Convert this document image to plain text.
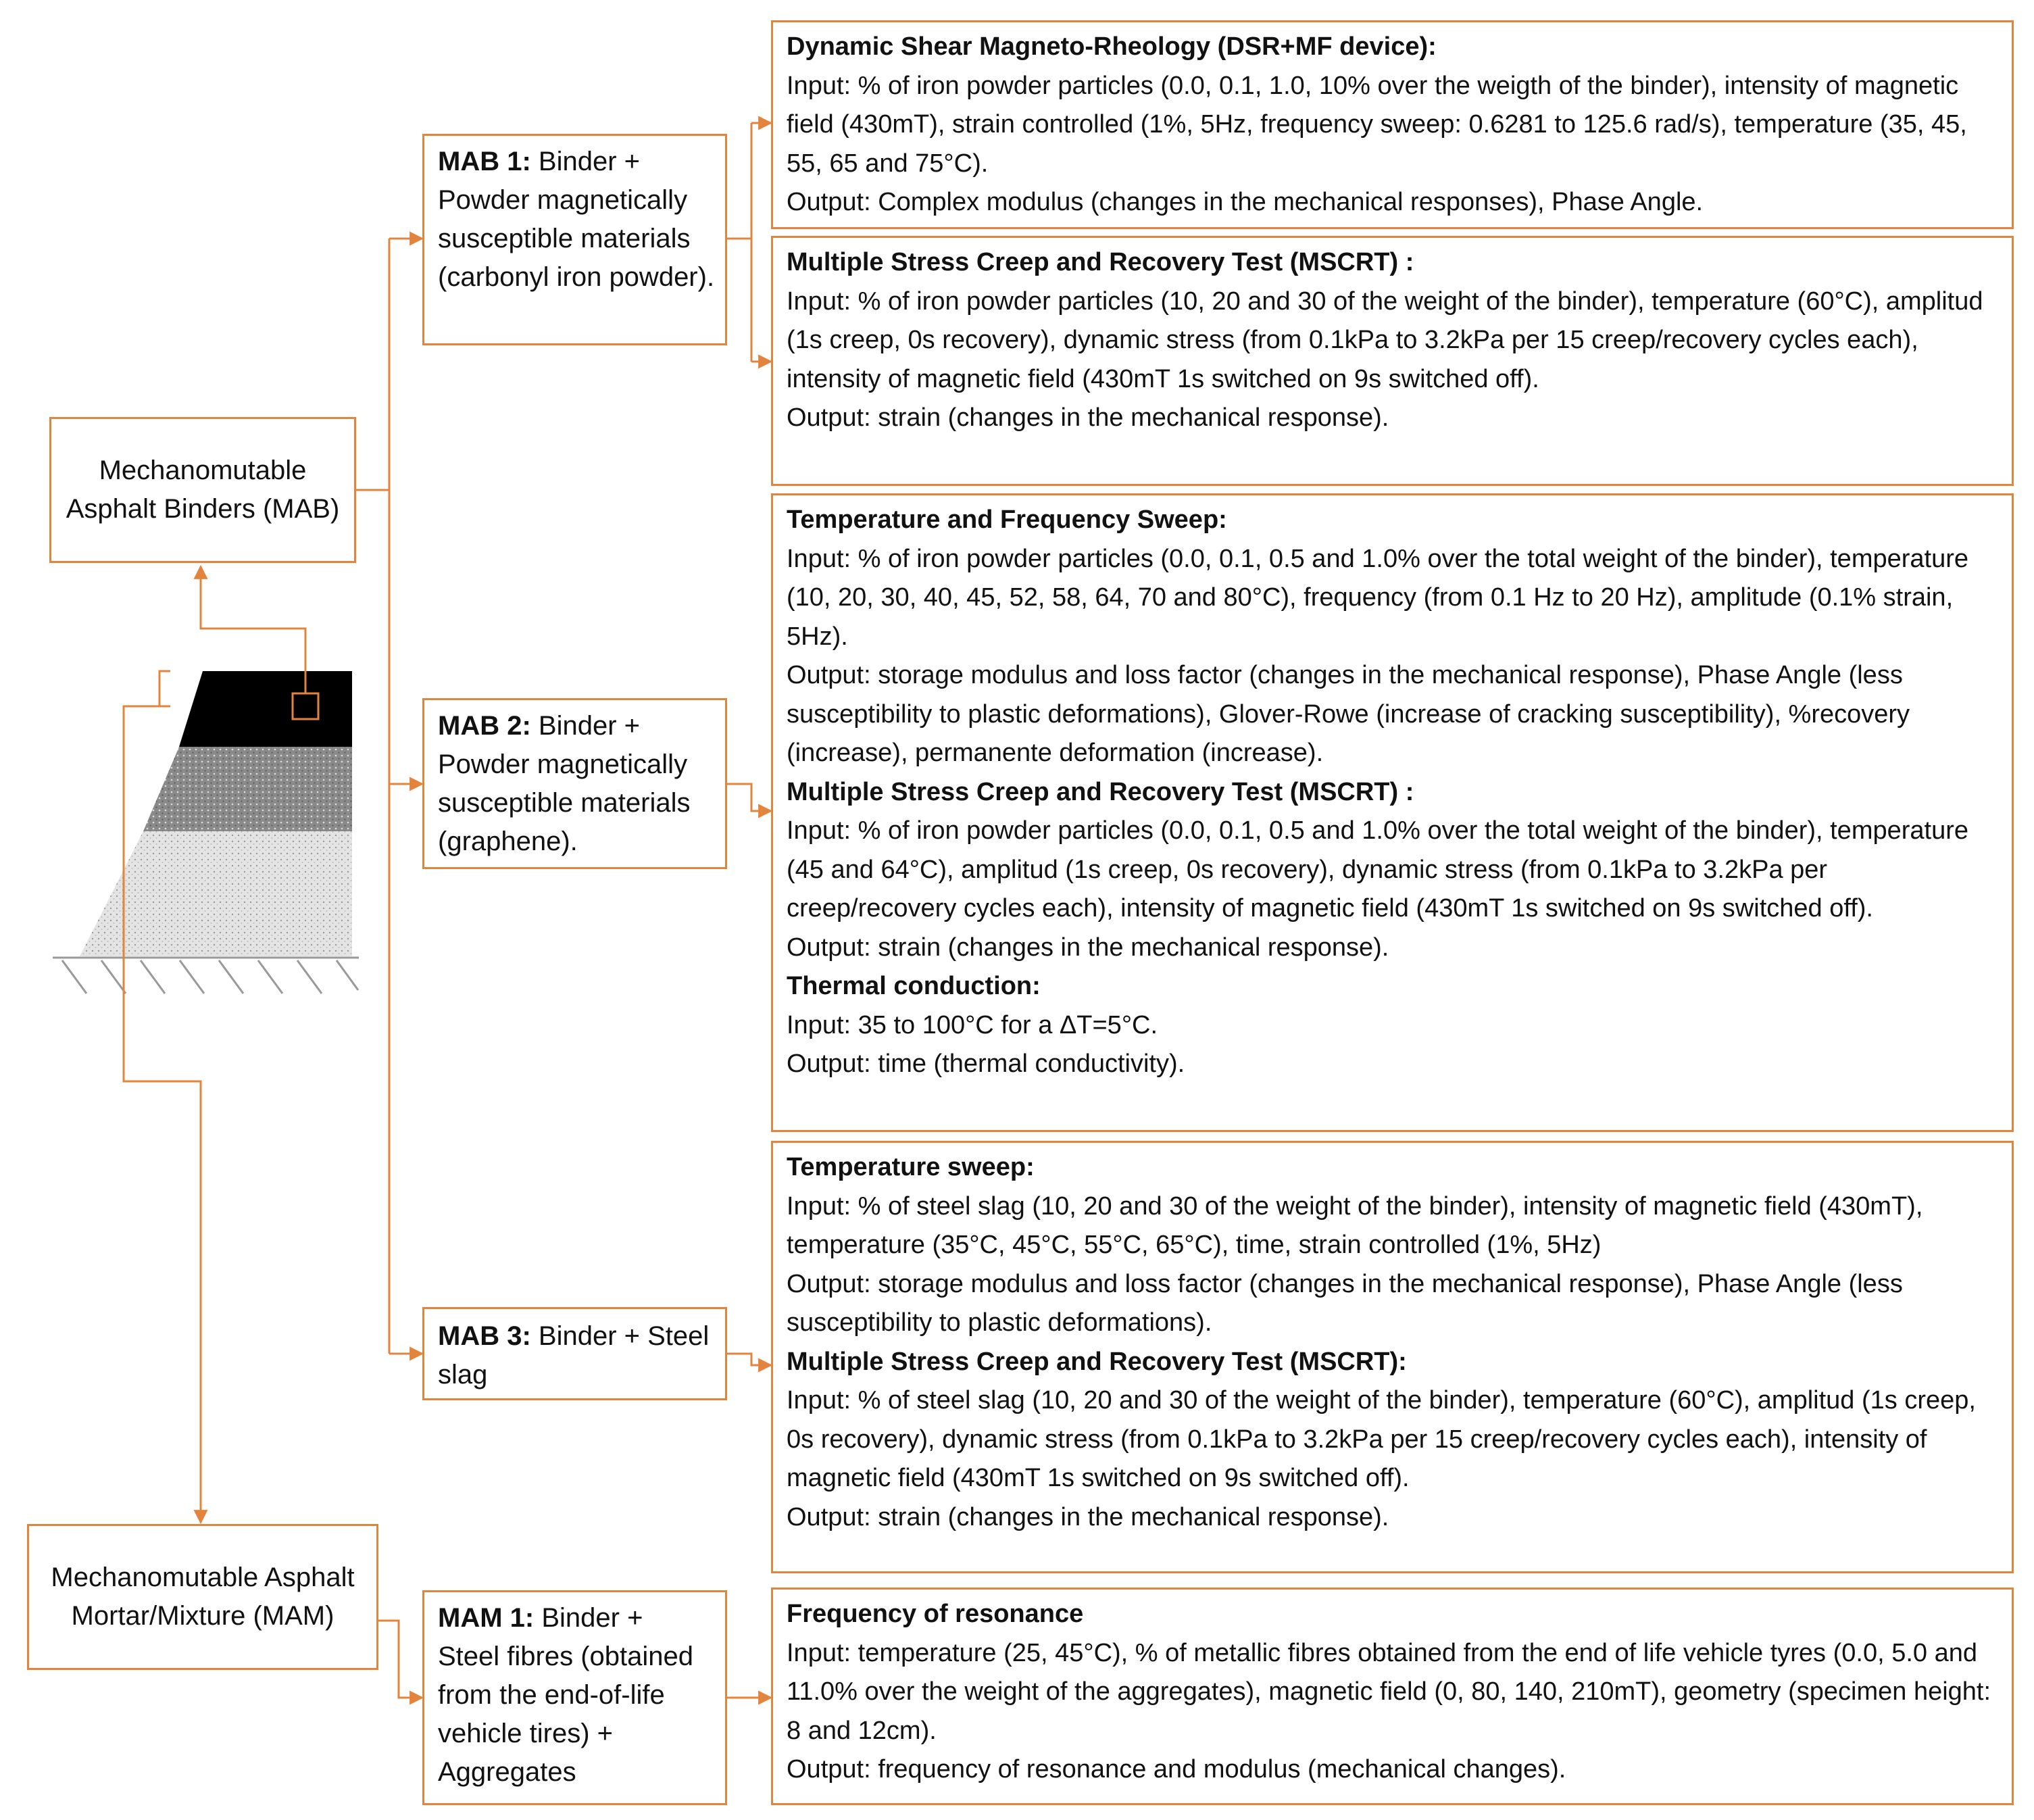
Mechanomutable Asphalt Binders (MAB)
Mechanomutable Asphalt Mortar/Mixture (MAM)
MAB 1: Binder + Powder magnetically susceptible materials (carbonyl iron powder).
MAB 2: Binder + Powder magnetically susceptible materials (graphene).
MAB 3: Binder + Steel slag
MAM 1: Binder + Steel fibres (obtained from the end-of-life vehicle tires) + Aggregates
Dynamic Shear Magneto-Rheology (DSR+MF device):
Input: % of iron powder particles (0.0, 0.1, 1.0, 10% over the weigth of the binder), intensity of magnetic field (430mT), strain controlled (1%, 5Hz, frequency sweep: 0.6281 to 125.6 rad/s), temperature (35, 45, 55, 65 and 75°C).
Output: Complex modulus (changes in the mechanical responses), Phase Angle.
Multiple Stress Creep and Recovery Test (MSCRT) :
Input: % of iron powder particles (10, 20 and 30 of the weight of the binder), temperature (60°C), amplitud (1s creep, 0s recovery), dynamic stress (from 0.1kPa to 3.2kPa per 15 creep/recovery cycles each), intensity of magnetic field (430mT 1s switched on 9s switched off).
Output: strain (changes in the mechanical response).
Temperature and Frequency Sweep:
Input: % of iron powder particles (0.0, 0.1, 0.5 and 1.0% over the total weight of the binder), temperature (10, 20, 30, 40, 45, 52, 58, 64, 70 and 80°C), frequency (from 0.1 Hz to 20 Hz), amplitude (0.1% strain, 5Hz).
Output: storage modulus and loss factor (changes in the mechanical response), Phase Angle (less susceptibility to plastic deformations), Glover-Rowe (increase of cracking susceptibility), %recovery (increase), permanente deformation (increase).
Multiple Stress Creep and Recovery Test (MSCRT) :
Input: % of iron powder particles (0.0, 0.1, 0.5 and 1.0% over the total weight of the binder), temperature (45 and 64°C), amplitud (1s creep, 0s recovery), dynamic stress (from 0.1kPa to 3.2kPa per creep/recovery cycles each), intensity of magnetic field (430mT 1s switched on 9s switched off).
Output: strain (changes in the mechanical response).
Thermal conduction:
Input: 35 to 100°C for a ΔT=5°C.
Output: time (thermal conductivity).
Temperature sweep:
Input: % of steel slag (10, 20 and 30 of the weight of the binder), intensity of magnetic field (430mT), temperature (35°C, 45°C, 55°C, 65°C), time, strain controlled (1%, 5Hz)
Output: storage modulus and loss factor (changes in the mechanical response), Phase Angle (less susceptibility to plastic deformations).
Multiple Stress Creep and Recovery Test (MSCRT):
Input: % of steel slag (10, 20 and 30 of the weight of the binder), temperature (60°C), amplitud (1s creep, 0s recovery), dynamic stress (from 0.1kPa to 3.2kPa per 15 creep/recovery cycles each), intensity of magnetic field (430mT 1s switched on 9s switched off).
Output: strain (changes in the mechanical response).
Frequency of resonance
Input: temperature (25, 45°C), % of metallic fibres obtained from the end of life vehicle tyres (0.0, 5.0 and 11.0% over the weight of the aggregates), magnetic field (0, 80, 140, 210mT), geometry (specimen height: 8 and 12cm).
Output: frequency of resonance and modulus (mechanical changes).
